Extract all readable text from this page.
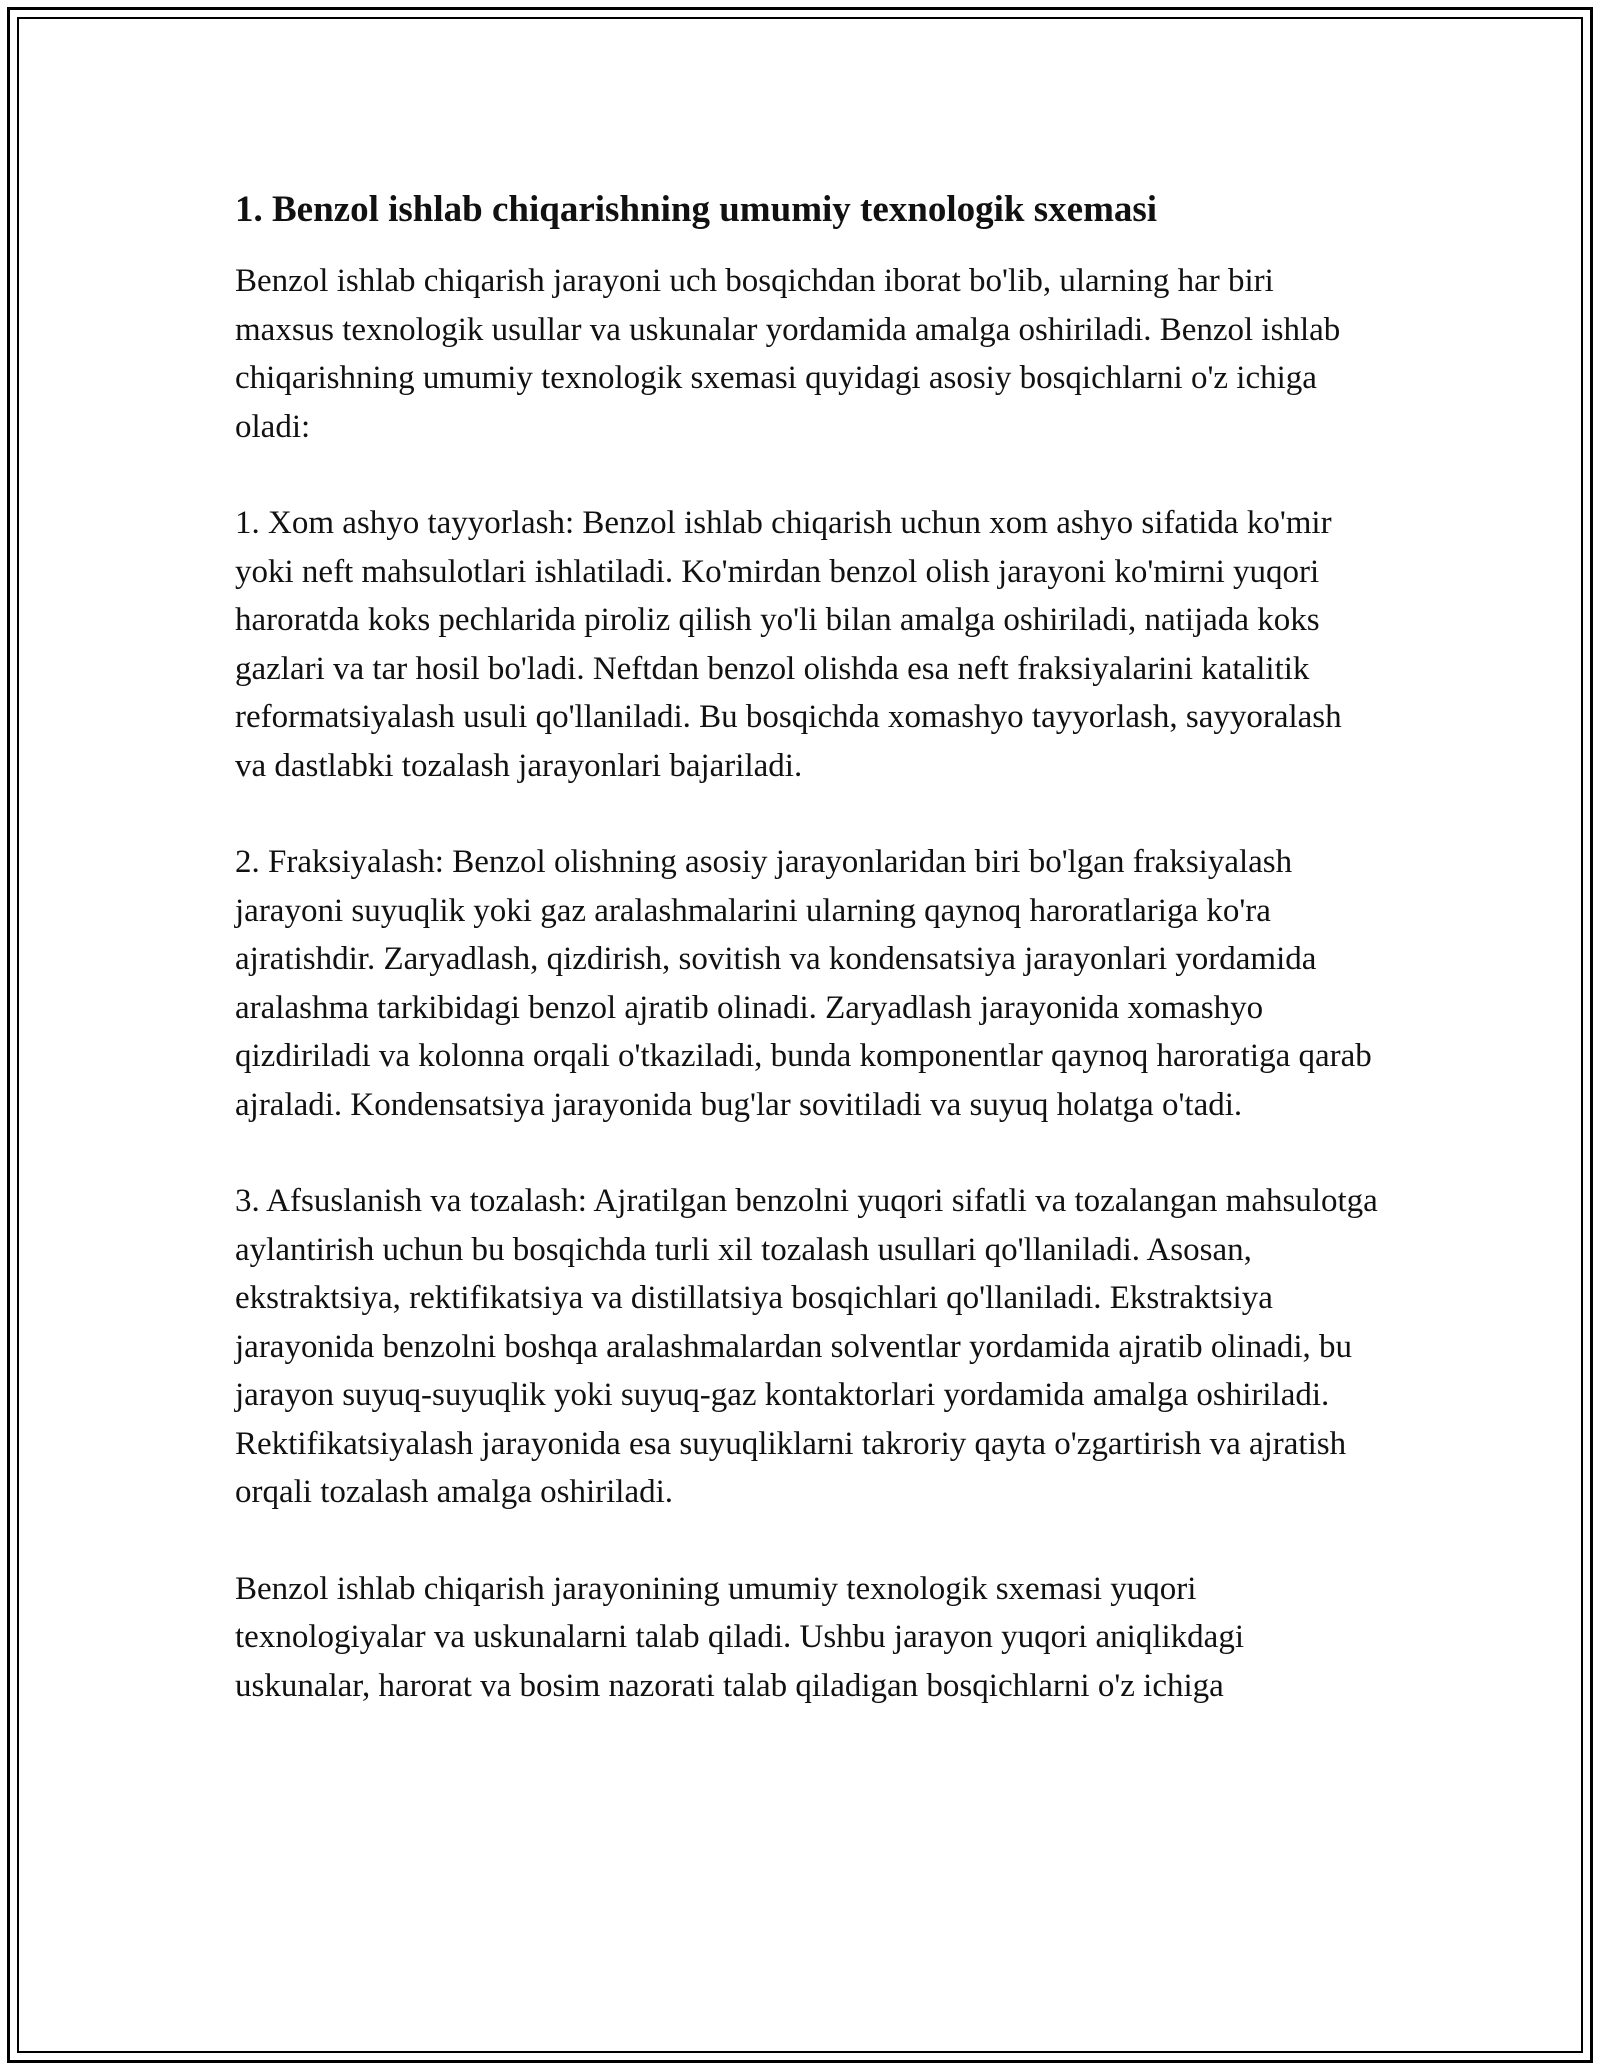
1. Benzol ishlab chiqarishning umumiy texnologik sxemasi

Benzol ishlab chiqarish jarayoni uch bosqichdan iborat bo'lib, ularning har biri maxsus texnologik usullar va uskunalar yordamida amalga oshiriladi. Benzol ishlab chiqarishning umumiy texnologik sxemasi quyidagi asosiy bosqichlarni o'z ichiga oladi:

1. Xom ashyo tayyorlash: Benzol ishlab chiqarish uchun xom ashyo sifatida ko'mir yoki neft mahsulotlari ishlatiladi. Ko'mirdan benzol olish jarayoni ko'mirni yuqori haroratda koks pechlarida piroliz qilish yo'li bilan amalga oshiriladi, natijada koks gazlari va tar hosil bo'ladi. Neftdan benzol olishda esa neft fraksiyalarini katalitik reformatsiyalash usuli qo'llaniladi. Bu bosqichda xomashyo tayyorlash, sayyoralash va dastlabki tozalash jarayonlari bajariladi.

2. Fraksiyalash: Benzol olishning asosiy jarayonlaridan biri bo'lgan fraksiyalash jarayoni suyuqlik yoki gaz aralashmalarini ularning qaynoq haroratlariga ko'ra ajratishdir. Zaryadlash, qizdirish, sovitish va kondensatsiya jarayonlari yordamida aralashma tarkibidagi benzol ajratib olinadi. Zaryadlash jarayonida xomashyo qizdiriladi va kolonna orqali o'tkaziladi, bunda komponentlar qaynoq haroratiga qarab ajraladi. Kondensatsiya jarayonida bug'lar sovitiladi va suyuq holatga o'tadi.

3. Afsuslanish va tozalash: Ajratilgan benzolni yuqori sifatli va tozalangan mahsulotga aylantirish uchun bu bosqichda turli xil tozalash usullari qo'llaniladi. Asosan, ekstraktsiya, rektifikatsiya va distillatsiya bosqichlari qo'llaniladi. Ekstraktsiya jarayonida benzolni boshqa aralashmalardan solventlar yordamida ajratib olinadi, bu jarayon suyuq-suyuqlik yoki suyuq-gaz kontaktorlari yordamida amalga oshiriladi. Rektifikatsiyalash jarayonida esa suyuqliklarni takroriy qayta o'zgartirish va ajratish orqali tozalash amalga oshiriladi.

Benzol ishlab chiqarish jarayonining umumiy texnologik sxemasi yuqori texnologiyalar va uskunalarni talab qiladi. Ushbu jarayon yuqori aniqlikdagi uskunalar, harorat va bosim nazorati talab qiladigan bosqichlarni o'z ichiga
